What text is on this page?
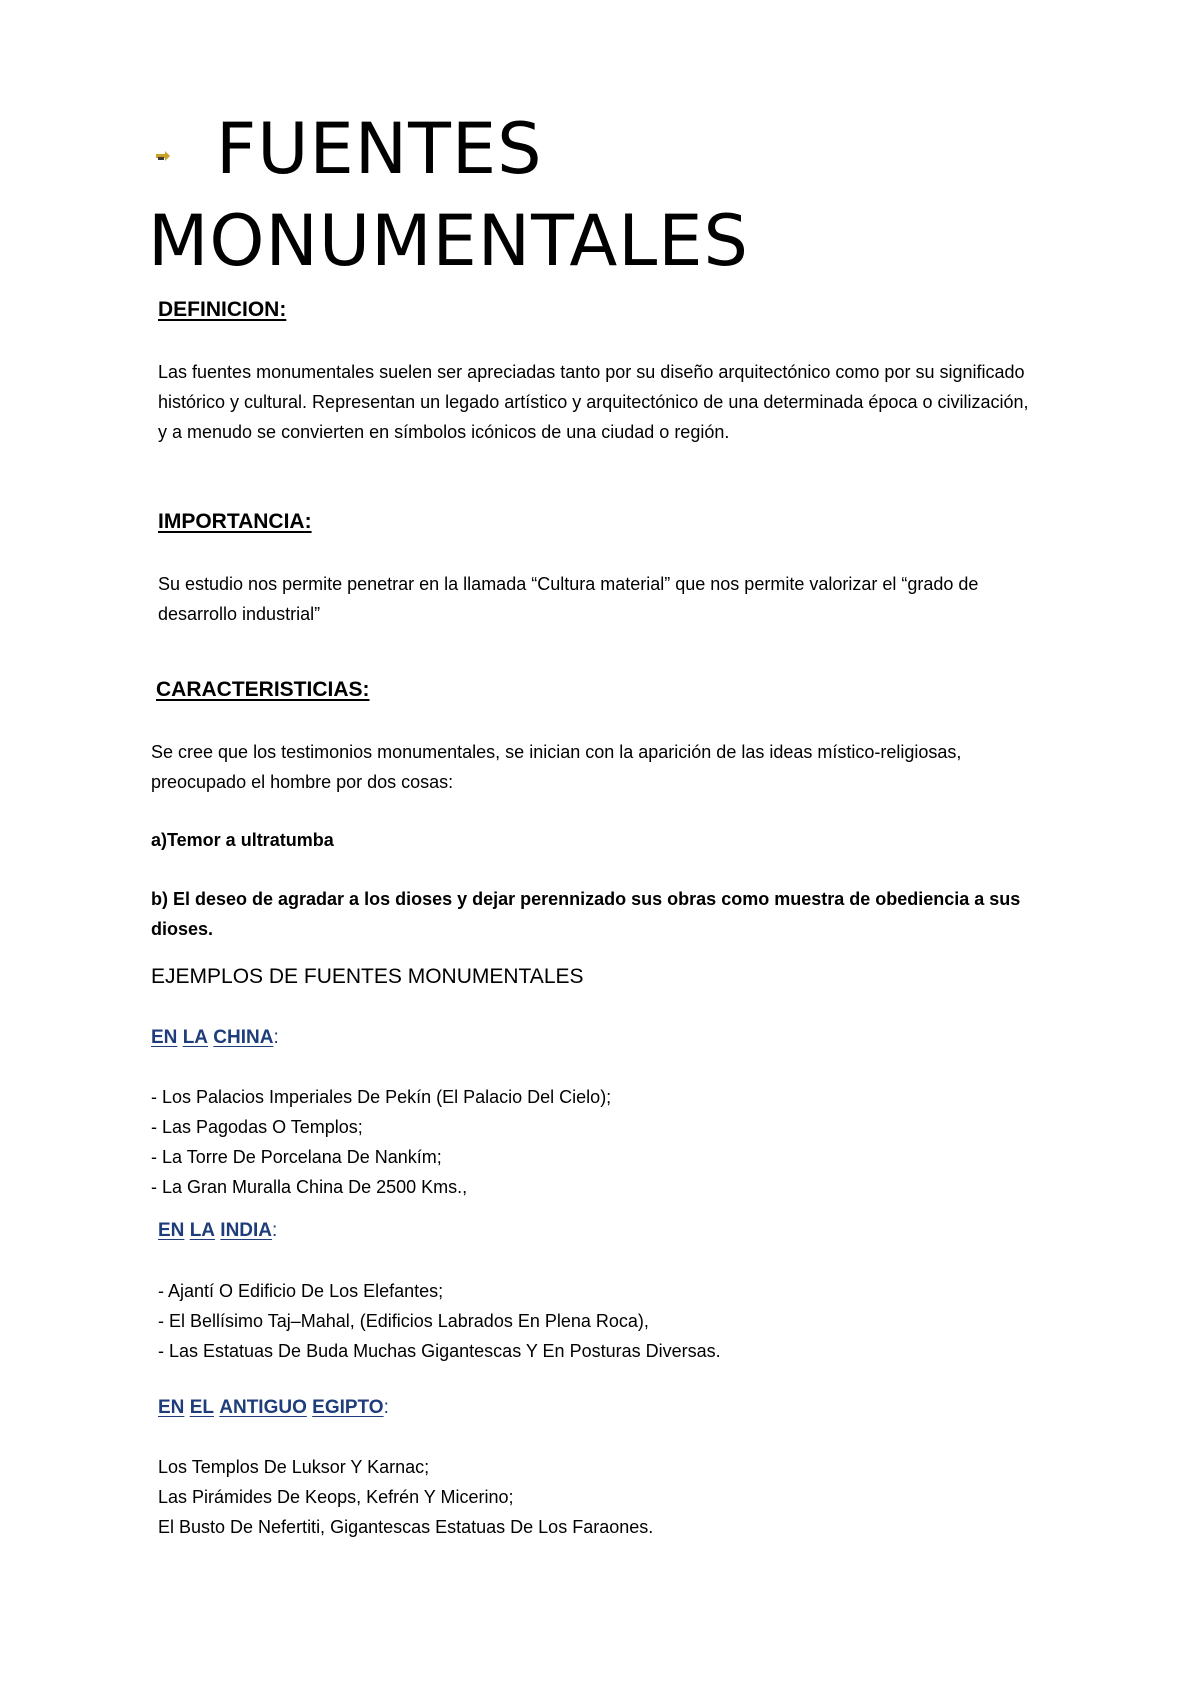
FUENTES
MONUMENTALES
DEFINICION:

Las fuentes monumentales suelen ser apreciadas tanto por su diseño arquitectónico como por su significado histórico y cultural. Representan un legado artístico y arquitectónico de una determinada época o civilización, y a menudo se convierten en símbolos icónicos de una ciudad o región.

IMPORTANCIA:

Su estudio nos permite penetrar en la llamada “Cultura material” que nos permite valorizar el “grado de desarrollo industrial”

CARACTERISTICIAS:

Se cree que los testimonios monumentales, se inician con la aparición de las ideas místico-religiosas, preocupado el hombre por dos cosas:

a)Temor a ultratumba

b) El deseo de agradar a los dioses y dejar perennizado sus obras como muestra de obediencia a sus dioses.

EJEMPLOS DE FUENTES MONUMENTALES
EN LA CHINA:
- Los Palacios Imperiales De Pekín (El Palacio Del Cielo);
- Las Pagodas O Templos;
- La Torre De Porcelana De Nankím;
- La Gran Muralla China De 2500 Kms.,
EN LA INDIA:
- Ajantí O Edificio De Los Elefantes;
- El Bellísimo Taj–Mahal, (Edificios Labrados En Plena Roca),
- Las Estatuas De Buda Muchas Gigantescas Y En Posturas Diversas.
EN EL ANTIGUO EGIPTO:
Los Templos De Luksor Y Karnac;
Las Pirámides De Keops, Kefrén Y Micerino;
El Busto De Nefertiti, Gigantescas Estatuas De Los Faraones.
